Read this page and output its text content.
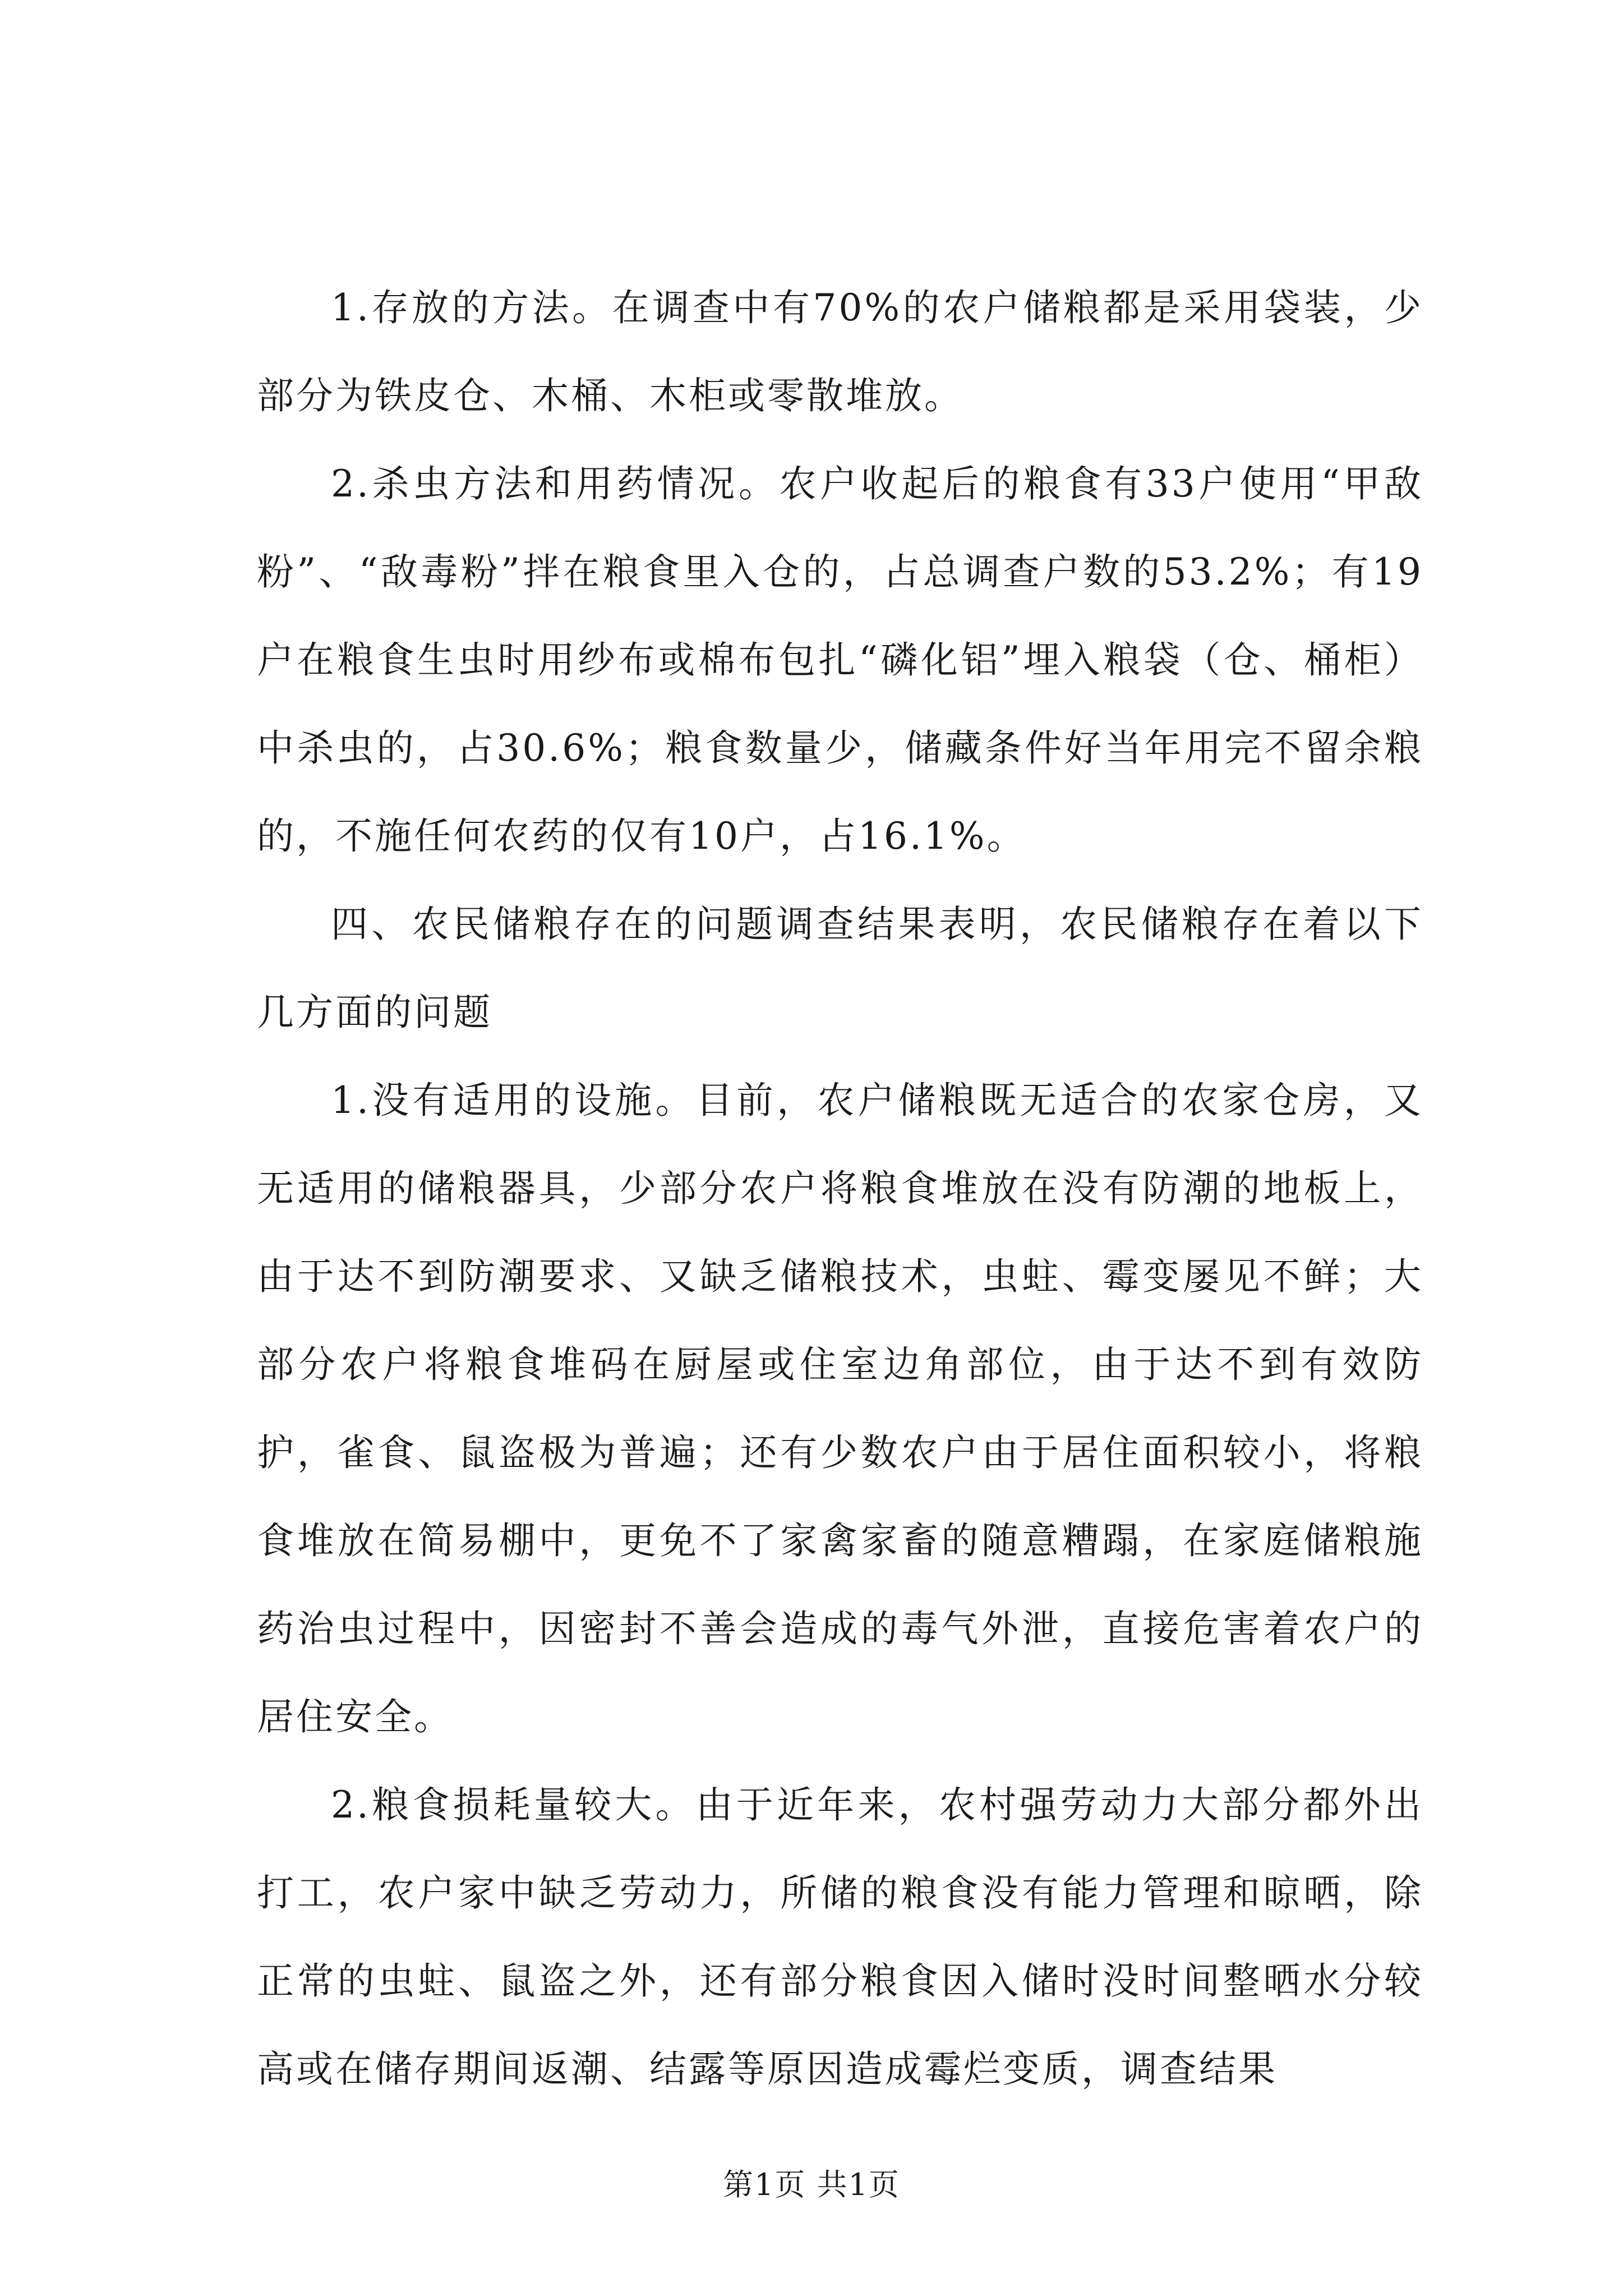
1.存放的方法。在调查中有70%的农户储粮都是采用袋装，少部分为铁皮仓、木桶、木柜或零散堆放。

2.杀虫方法和用药情况。农户收起后的粮食有33户使用“甲敌粉”、“敌毒粉”拌在粮食里入仓的，占总调查户数的53.2%；有19户在粮食生虫时用纱布或棉布包扎“磷化铝”埋入粮袋（仓、桶柜）中杀虫的，占30.6%；粮食数量少，储藏条件好当年用完不留余粮的，不施任何农药的仅有10户，占16.1%。

四、农民储粮存在的问题调查结果表明，农民储粮存在着以下几方面的问题

1.没有适用的设施。目前，农户储粮既无适合的农家仓房，又无适用的储粮器具，少部分农户将粮食堆放在没有防潮的地板上，由于达不到防潮要求、又缺乏储粮技术，虫蛀、霉变屡见不鲜；大部分农户将粮食堆码在厨屋或住室边角部位，由于达不到有效防护，雀食、鼠盗极为普遍；还有少数农户由于居住面积较小，将粮食堆放在简易棚中，更免不了家禽家畜的随意糟蹋，在家庭储粮施药治虫过程中，因密封不善会造成的毒气外泄，直接危害着农户的居住安全。

2.粮食损耗量较大。由于近年来，农村强劳动力大部分都外出打工，农户家中缺乏劳动力，所储的粮食没有能力管理和晾晒，除正常的虫蛀、鼠盗之外，还有部分粮食因入储时没时间整晒水分较高或在储存期间返潮、结露等原因造成霉烂变质，调查结果

第1页 共1页
